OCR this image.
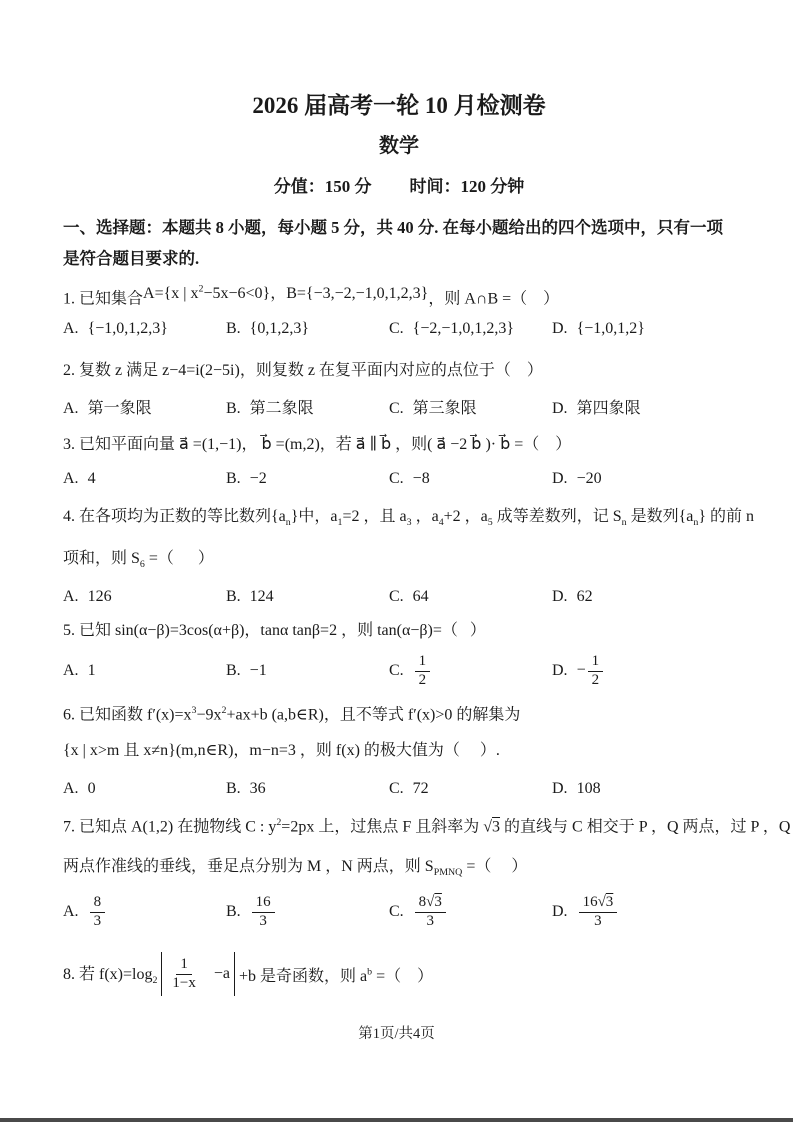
2026 届高考一轮 10 月检测卷
数学
分值：150 分 时间：120 分钟
一、选择题：本题共 8 小题，每小题 5 分，共 40 分. 在每小题给出的四个选项中，只有一项
是符合题目要求的.
1. 已知集合A={x | $x^2-5x-6<0$}，B={−3,−2,−1,0,1,2,3}，则 A∩B =（    ）
A. {−1,0,1,2,3}	B. {0,1,2,3}	C. {−2,−1,0,1,2,3}	D. {−1,0,1,2}
2. 复数 z 满足 z−4=i(2−5i)，则复数 z 在复平面内对应的点位于（    ）
A. 第一象限	B. 第二象限	C. 第三象限	D. 第四象限
3. 已知平面向量 a⃗ =(1,−1)， b⃗ =(m,2)，若 a⃗ ∥ b⃗ ，则( a⃗ −2 b⃗ )· b⃗ =（    ）
A. 4	B. −2	C. −8	D. −20
4. 在各项均为正数的等比数列$\{a_n\}$中，$a_1=2$ ，且 $a_3$ ，$a_4+2$ ，$a_5$ 成等差数列，记 $S_n$ 是数列$\{a_n\}$ 的前 n
项和，则 $S_6$ =（      ）
A. 126	B. 124	C. 64	D. 62
5. 已知 sin(α−β)=3cos(α+β)，tanα tanβ=2 ，则 tan(α−β)=（   ）
A. 1	B. −1	C. $\frac{1}{2}$	D. − $\frac{1}{2}$
6. 已知函数 $f'(x)=x^3-9x^2+ax+b$ (a,b∈R)，且不等式 f′(x)>0 的解集为
{x | x>m 且 x≠n}(m,n∈R)，m−n=3 ，则 f(x) 的极大值为（     ）.
A. 0	B. 36	C. 72	D. 108
7. 已知点 A(1,2) 在抛物线 C : $y^2=2px$ 上，过焦点 F 且斜率为 √3 的直线与 C 相交于 P ，Q 两点，过 P ，Q
两点作准线的垂线，垂足点分别为 M ，N 两点，则 $S_{PMNQ}$ =（     ）
A. $\frac{8}{3}$	B. $\frac{16}{3}$	C. $\frac{8√3}{3}$	D. $\frac{16√3}{3}$
8. 若 $f(x)=\log_2 \frac{1}{1-x} -a +b$ 是奇函数，则 $a^b$ =（    ）
第1页/共4页
